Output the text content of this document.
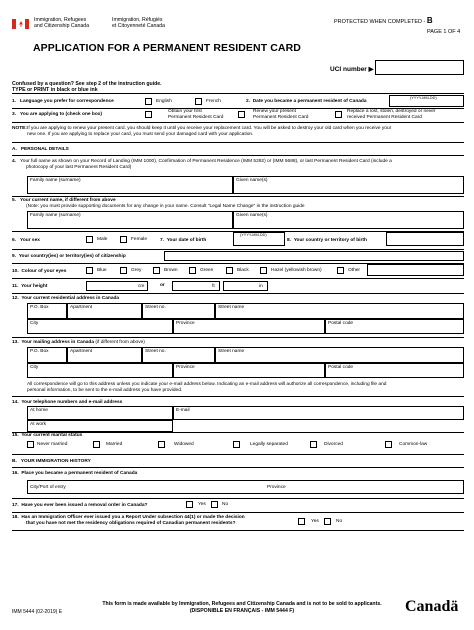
Immigration, Refugees
and Citizenship Canada
Immigration, Réfugiés
et Citoyenneté Canada
PROTECTED WHEN COMPLETED - B
PAGE 1 OF 4
APPLICATION FOR A PERMANENT RESIDENT CARD
UCI number ▶
Confused by a question? See step 2 of the instruction guide.
TYPE or PRINT in black or blue ink
1. Language you prefer for correspondence	English	French	2. Date you became a permanent resident of Canada
(YYYY-MM-DD)
3. You are applying to (check one box)
Obtain your first
Permanent Resident Card
Renew your present
Permanent Resident Card
Replace a lost, stolen, destroyed or never
received Permanent Resident Card
NOTE: If you are applying to renew your present card, you should keep it until you receive your replacement card. You will be asked to destroy your old card when you receive your
new one. If you are applying to replace your card, you must send your damaged card with your application.
A. PERSONAL DETAILS
4. Your full name as shown on your Record of Landing (IMM 1000), Confirmation of Permanent Residence (IMM 5292) or (IMM 5688), or last Permanent Resident Card (include a
photocopy of your last Permanent Resident Card)
Family name (surname)	Given name(s)
5. Your current name, if different from above
(Note: you must provide supporting documents for any change in your name. Consult "Legal Name Change" in the instruction guide
Family name (surname)	Given name(s)
6. Your sex	Male	Female	7. Your date of birth
(YYYY-MM-DD)
8. Your country or territory of birth
9. Your country(ies) or territory(ies) of citizenship
10. Colour of your eyes	Blue	Grey	Brown	Green	Black	Hazel (yellowish brown)	Other
11. Your height	cm	or	ft	in
12. Your current residential address in Canada
P.O. Box	Apartment	Street no.	Street name
City	Province	Postal code
13. Your mailing address in Canada (if different from above)
P.O. Box	Apartment	Street no.	Street name
City	Province	Postal code
All correspondence will go to this address unless you indicate your e-mail address below. Indicating an e-mail address will authorize all correspondence, including file and
personal information, to be sent to the e-mail address you have provided.
14. Your telephone numbers and e-mail address
At home	E-mail
At work
15. Your current marital status
Never married	Married	Widowed	Legally separated	Divorced	Common-law
B. YOUR IMMIGRATION HISTORY
16. Place you became a permanent resident of Canada
City/Port of entry	Province
17. Have you ever been issued a removal order in Canada?	Yes	No
18. Has an Immigration Officer ever issued you a Report Under subsection 44(1) or made the decision
that you have not met the residency obligations required of Canadian permanent residents?	Yes	No
This form is made available by Immigration, Refugees and Citizenship Canada and is not to be sold to applicants.
(DISPONIBLE EN FRANÇAIS - IMM 5444 F)
IMM 5444 (02-2019) E	Canadä
